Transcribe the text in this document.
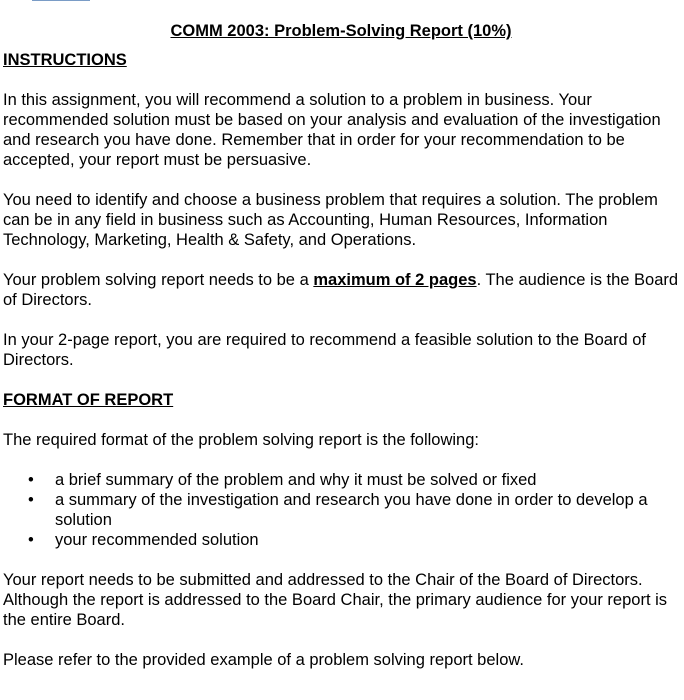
COMM 2003: Problem-Solving Report (10%)
INSTRUCTIONS

In this assignment, you will recommend a solution to a problem in business. Your recommended solution must be based on your analysis and evaluation of the investigation and research you have done. Remember that in order for your recommendation to be accepted, your report must be persuasive.

You need to identify and choose a business problem that requires a solution. The problem can be in any field in business such as Accounting, Human Resources, Information Technology, Marketing, Health & Safety, and Operations.

Your problem solving report needs to be a maximum of 2 pages. The audience is the Board of Directors.

In your 2-page report, you are required to recommend a feasible solution to the Board of Directors.

FORMAT OF REPORT

The required format of the problem solving report is the following:

• a brief summary of the problem and why it must be solved or fixed
• a summary of the investigation and research you have done in order to develop a solution
• your recommended solution

Your report needs to be submitted and addressed to the Chair of the Board of Directors. Although the report is addressed to the Board Chair, the primary audience for your report is the entire Board.

Please refer to the provided example of a problem solving report below.
